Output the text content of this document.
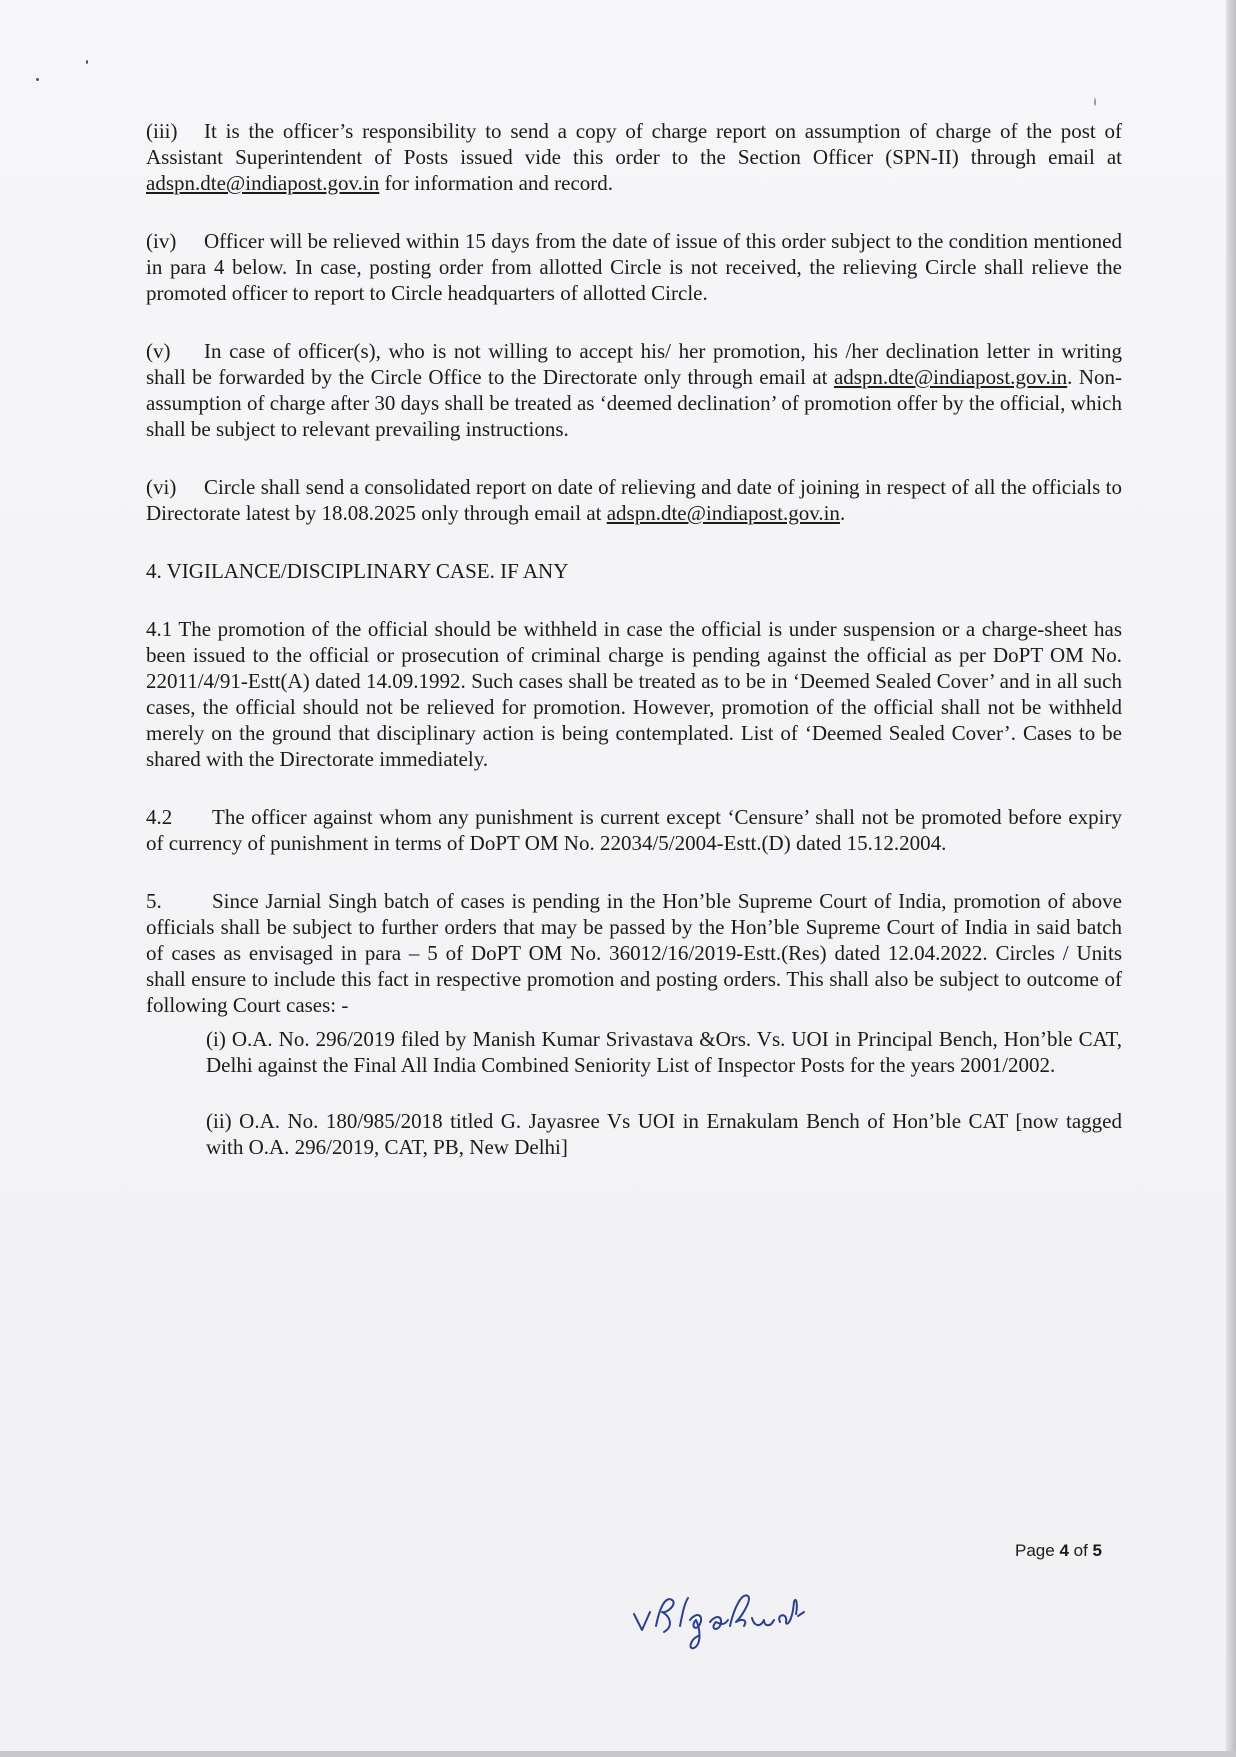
(iii) It is the officer’s responsibility to send a copy of charge report on assumption of charge of the post of Assistant Superintendent of Posts issued vide this order to the Section Officer (SPN-II) through email at adspn.dte@indiapost.gov.in for information and record.

(iv) Officer will be relieved within 15 days from the date of issue of this order subject to the condition mentioned in para 4 below. In case, posting order from allotted Circle is not received, the relieving Circle shall relieve the promoted officer to report to Circle headquarters of allotted Circle.

(v) In case of officer(s), who is not willing to accept his/ her promotion, his /her declination letter in writing shall be forwarded by the Circle Office to the Directorate only through email at adspn.dte@indiapost.gov.in. Non-assumption of charge after 30 days shall be treated as ‘deemed declination’ of promotion offer by the official, which shall be subject to relevant prevailing instructions.

(vi) Circle shall send a consolidated report on date of relieving and date of joining in respect of all the officials to Directorate latest by 18.08.2025 only through email at adspn.dte@indiapost.gov.in.

4. VIGILANCE/DISCIPLINARY CASE. IF ANY

4.1 The promotion of the official should be withheld in case the official is under suspension or a charge-sheet has been issued to the official or prosecution of criminal charge is pending against the official as per DoPT OM No. 22011/4/91-Estt(A) dated 14.09.1992. Such cases shall be treated as to be in ‘Deemed Sealed Cover’ and in all such cases, the official should not be relieved for promotion. However, promotion of the official shall not be withheld merely on the ground that disciplinary action is being contemplated. List of ‘Deemed Sealed Cover’. Cases to be shared with the Directorate immediately.

4.2 The officer against whom any punishment is current except ‘Censure’ shall not be promoted before expiry of currency of punishment in terms of DoPT OM No. 22034/5/2004-Estt.(D) dated 15.12.2004.

5. Since Jarnial Singh batch of cases is pending in the Hon’ble Supreme Court of India, promotion of above officials shall be subject to further orders that may be passed by the Hon’ble Supreme Court of India in said batch of cases as envisaged in para – 5 of DoPT OM No. 36012/16/2019-Estt.(Res) dated 12.04.2022. Circles / Units shall ensure to include this fact in respective promotion and posting orders. This shall also be subject to outcome of following Court cases: -

(i) O.A. No. 296/2019 filed by Manish Kumar Srivastava &Ors. Vs. UOI in Principal Bench, Hon’ble CAT, Delhi against the Final All India Combined Seniority List of Inspector Posts for the years 2001/2002.

(ii) O.A. No. 180/985/2018 titled G. Jayasree Vs UOI in Ernakulam Bench of Hon’ble CAT [now tagged with O.A. 296/2019, CAT, PB, New Delhi]

Page 4 of 5
